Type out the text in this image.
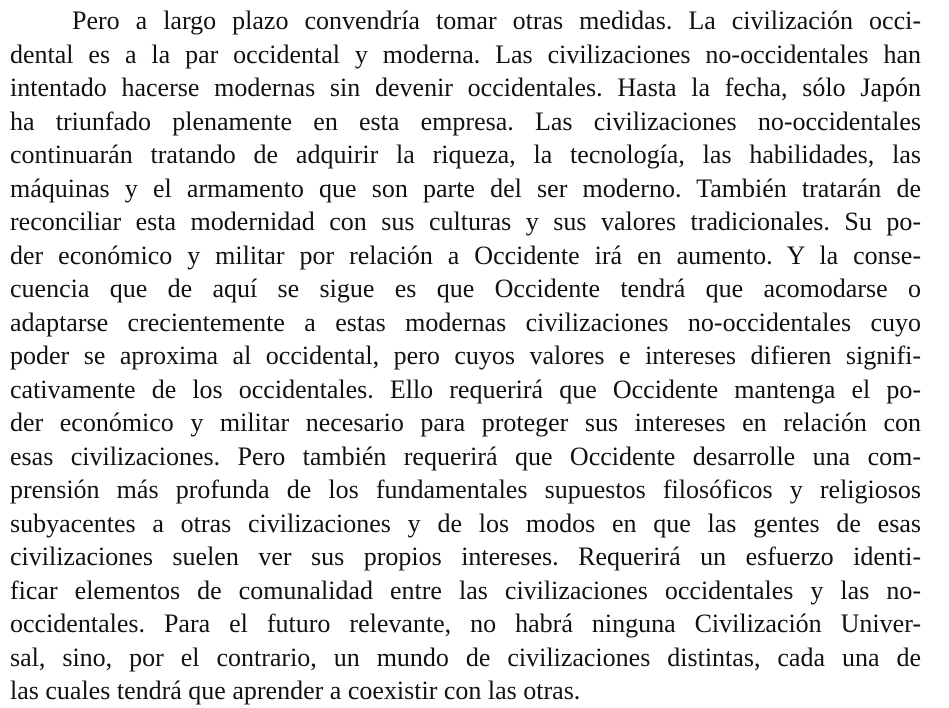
Pero a largo plazo convendría tomar otras medidas. La civilización occi-
dental es a la par occidental y moderna. Las civilizaciones no-occidentales han
intentado hacerse modernas sin devenir occidentales. Hasta la fecha, sólo Japón
ha triunfado plenamente en esta empresa. Las civilizaciones no-occidentales
continuarán tratando de adquirir la riqueza, la tecnología, las habilidades, las
máquinas y el armamento que son parte del ser moderno. También tratarán de
reconciliar esta modernidad con sus culturas y sus valores tradicionales. Su po-
der económico y militar por relación a Occidente irá en aumento. Y la conse-
cuencia que de aquí se sigue es que Occidente tendrá que acomodarse o
adaptarse crecientemente a estas modernas civilizaciones no-occidentales cuyo
poder se aproxima al occidental, pero cuyos valores e intereses difieren signifi-
cativamente de los occidentales. Ello requerirá que Occidente mantenga el po-
der económico y militar necesario para proteger sus intereses en relación con
esas civilizaciones. Pero también requerirá que Occidente desarrolle una com-
prensión más profunda de los fundamentales supuestos filosóficos y religiosos
subyacentes a otras civilizaciones y de los modos en que las gentes de esas
civilizaciones suelen ver sus propios intereses. Requerirá un esfuerzo identi-
ficar elementos de comunalidad entre las civilizaciones occidentales y las no-
occidentales. Para el futuro relevante, no habrá ninguna Civilización Univer-
sal, sino, por el contrario, un mundo de civilizaciones distintas, cada una de
las cuales tendrá que aprender a coexistir con las otras.
